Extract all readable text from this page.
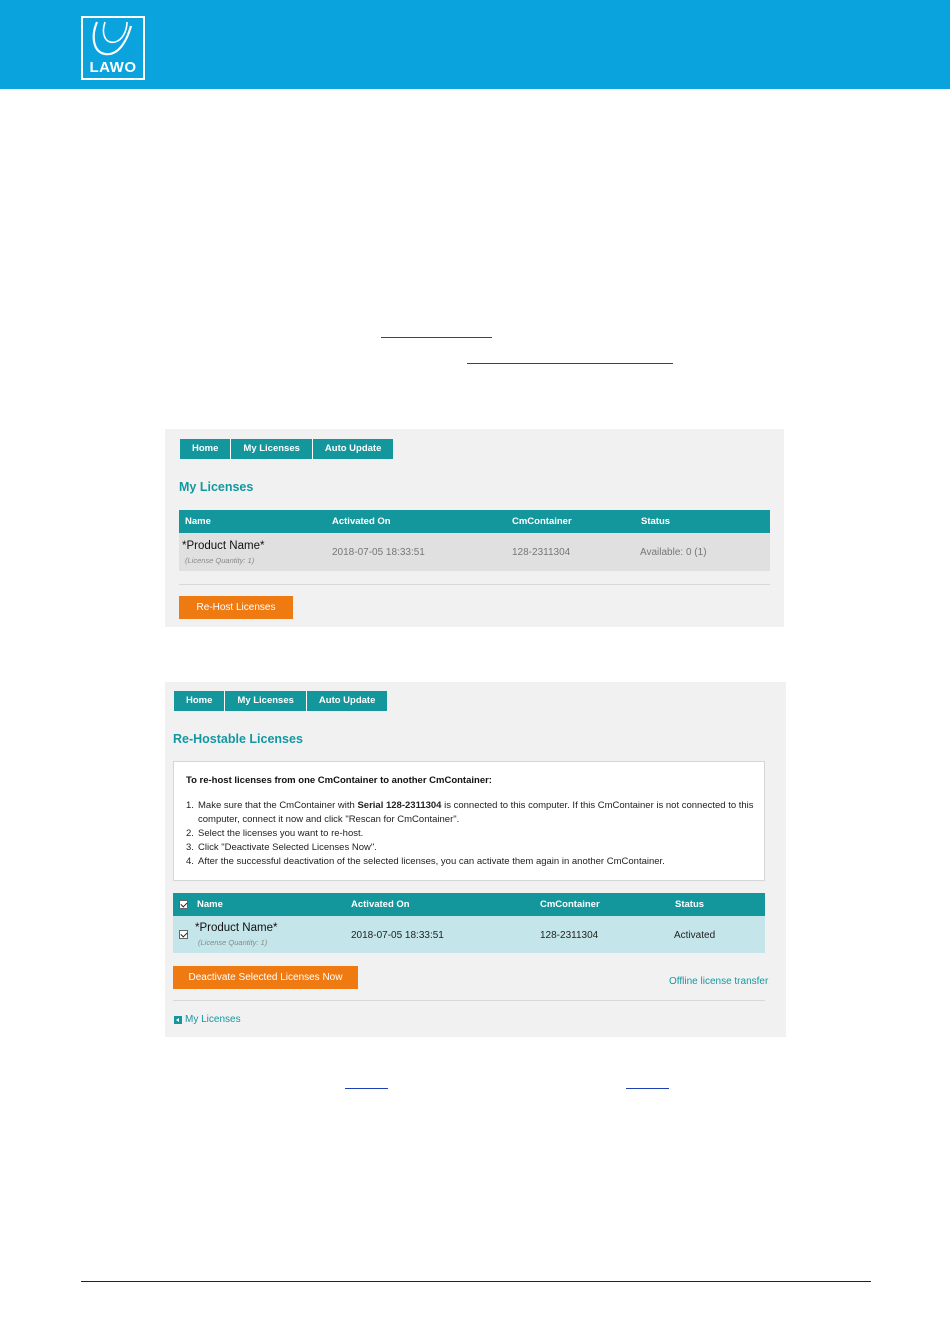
LAWO
Home	My Licenses	Auto Update
My Licenses
Name	Activated On	CmContainer	Status
*Product Name*
(License Quantity: 1)
2018-07-05 18:33:51	128-2311304	Available: 0 (1)
Re-Host Licenses
Home	My Licenses	Auto Update
Re-Hostable Licenses
To re-host licenses from one CmContainer to another CmContainer:
1. Make sure that the CmContainer with Serial 128-2311304 is connected to this computer. If this CmContainer is not connected to this computer, connect it now and click "Rescan for CmContainer".
2. Select the licenses you want to re-host.
3. Click "Deactivate Selected Licenses Now".
4. After the successful deactivation of the selected licenses, you can activate them again in another CmContainer.
Name	Activated On	CmContainer	Status
*Product Name*
(License Quantity: 1)
2018-07-05 18:33:51	128-2311304	Activated
Deactivate Selected Licenses Now	Offline license transfer
My Licenses
